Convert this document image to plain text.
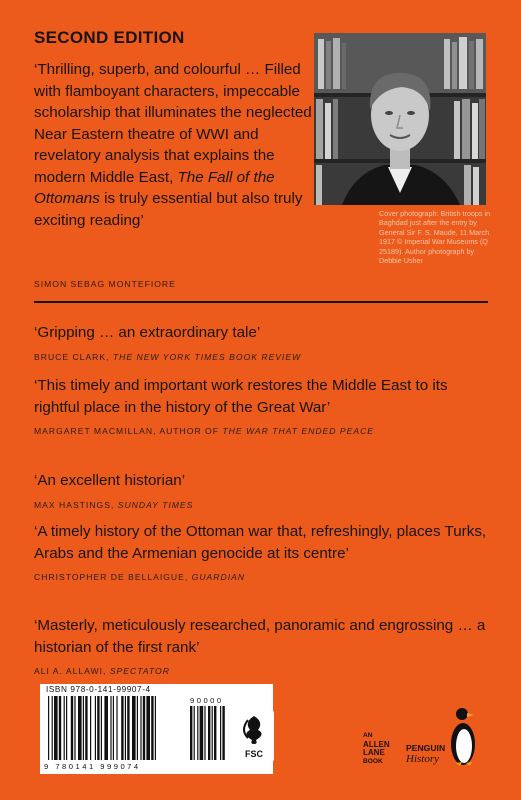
SECOND EDITION
‘Thrilling, superb, and colourful … Filled with flamboyant characters, impeccable scholarship that illuminates the neglected Near Eastern theatre of WWI and revelatory analysis that explains the modern Middle East, The Fall of the Ottomans is truly essential but also truly exciting reading’
SIMON SEBAG MONTEFIORE
Cover photograph: British troops in Baghdad just after the entry by General Sir F. S. Maude, 11 March 1917 © Imperial War Museums (Q 25189). Author photograph by Debbie Usher
‘Gripping … an extraordinary tale’
BRUCE CLARK, THE NEW YORK TIMES BOOK REVIEW
‘This timely and important work restores the Middle East to its rightful place in the history of the Great War’
MARGARET MACMILLAN, AUTHOR OF THE WAR THAT ENDED PEACE
‘An excellent historian’
MAX HASTINGS, SUNDAY TIMES
‘A timely history of the Ottoman war that, refreshingly, places Turks, Arabs and the Armenian genocide at its centre’
CHRISTOPHER DE BELLAIGUE, GUARDIAN
‘Masterly, meticulously researched, panoramic and engrossing … a historian of the first rank’
ALI A. ALLAWI, SPECTATOR
ISBN 978-0-141-99907-4
9 780141 999074
90000
FSC
AN
ALLEN
LANE
BOOK
PENGUIN
History
